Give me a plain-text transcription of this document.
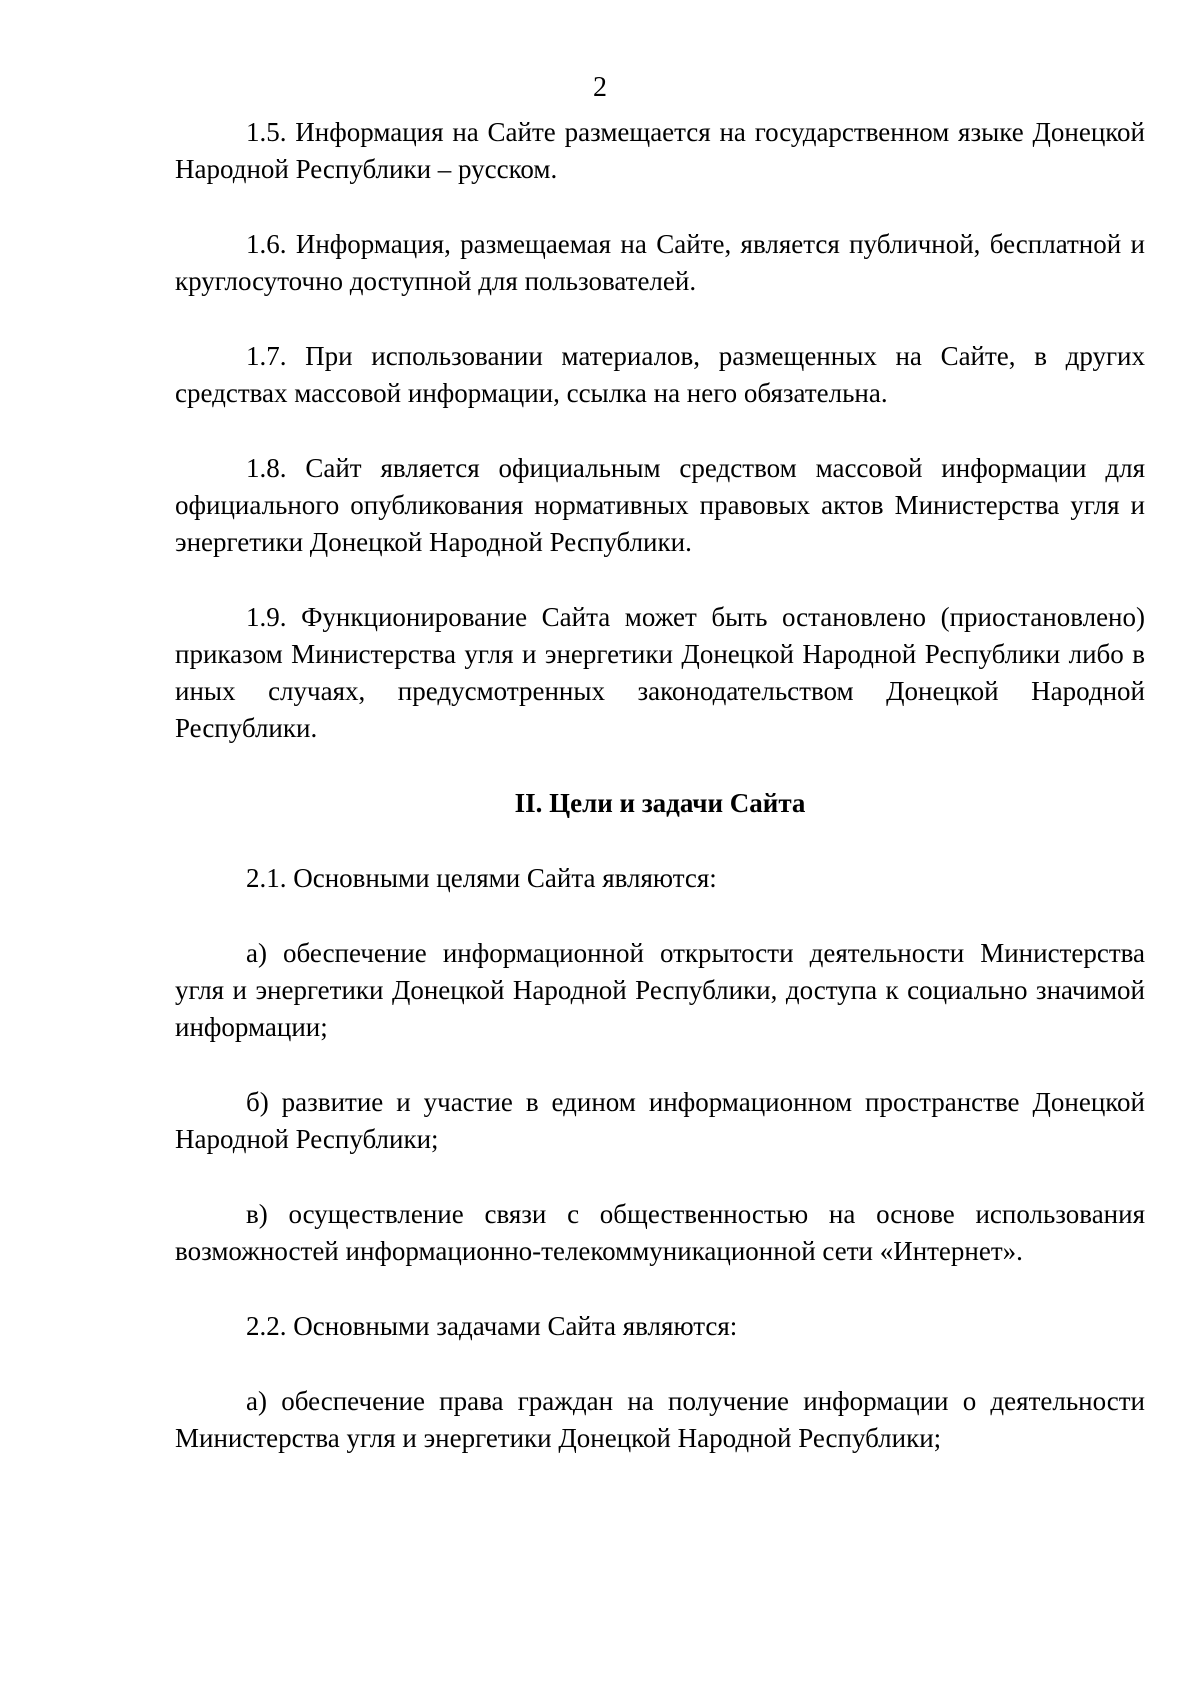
2

1.5. Информация на Сайте размещается на государственном языке Донецкой Народной Республики – русском.

1.6. Информация, размещаемая на Сайте, является публичной, бесплатной и круглосуточно доступной для пользователей.

1.7. При использовании материалов, размещенных на Сайте, в других средствах массовой информации, ссылка на него обязательна.

1.8. Сайт является официальным средством массовой информации для официального опубликования нормативных правовых актов Министерства угля и энергетики Донецкой Народной Республики.

1.9. Функционирование Сайта может быть остановлено (приостановлено) приказом Министерства угля и энергетики Донецкой Народной Республики либо в иных случаях, предусмотренных законодательством Донецкой Народной Республики.

II. Цели и задачи Сайта

2.1. Основными целями Сайта являются:

а) обеспечение информационной открытости деятельности Министерства угля и энергетики Донецкой Народной Республики, доступа к социально значимой информации;

б) развитие и участие в едином информационном пространстве Донецкой Народной Республики;

в) осуществление связи с общественностью на основе использования возможностей информационно-телекоммуникационной сети «Интернет».

2.2. Основными задачами Сайта являются:

а) обеспечение права граждан на получение информации о деятельности Министерства угля и энергетики Донецкой Народной Республики;
